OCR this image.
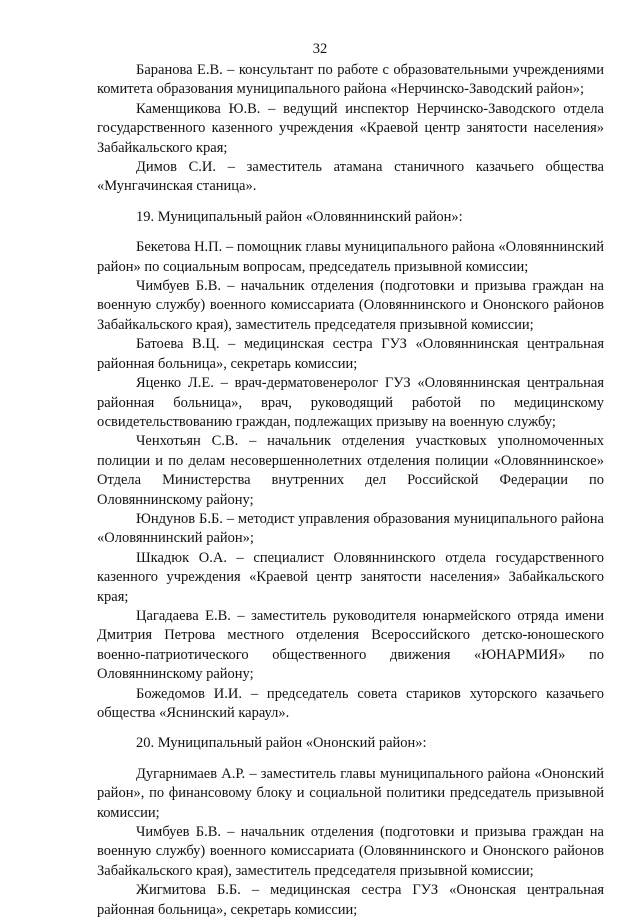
32

Баранова Е.В. – консультант по работе с образовательными учреждениями комитета образования муниципального района «Нерчинско-Заводский район»;

Каменщикова Ю.В. – ведущий инспектор Нерчинско-Заводского отдела государственного казенного учреждения «Краевой центр занятости населения» Забайкальского края;

Димов С.И. – заместитель атамана станичного казачьего общества «Мунгачинская станица».

19. Муниципальный район «Оловяннинский район»:

Бекетова Н.П. – помощник главы муниципального района «Оловяннинский район» по социальным вопросам, председатель призывной комиссии;

Чимбуев Б.В. – начальник отделения (подготовки и призыва граждан на военную службу) военного комиссариата (Оловяннинского и Ононского районов Забайкальского края), заместитель председателя призывной комиссии;

Батоева В.Ц. – медицинская сестра ГУЗ «Оловяннинская центральная районная больница», секретарь комиссии;

Яценко Л.Е. – врач-дерматовенеролог ГУЗ «Оловяннинская центральная районная больница», врач, руководящий работой по медицинскому освидетельствованию граждан, подлежащих призыву на военную службу;

Ченхотьян С.В. – начальник отделения участковых уполномоченных полиции и по делам несовершеннолетних отделения полиции «Оловяннинское» Отдела Министерства внутренних дел Российской Федерации по Оловяннинскому району;

Юндунов Б.Б. – методист управления образования муниципального района «Оловяннинский район»;

Шкадюк О.А. – специалист Оловяннинского отдела государственного казенного учреждения «Краевой центр занятости населения» Забайкальского края;

Цагадаева Е.В. – заместитель руководителя юнармейского отряда имени Дмитрия Петрова местного отделения Всероссийского детско-юношеского военно-патриотического общественного движения «ЮНАРМИЯ» по Оловяннинскому району;

Божедомов И.И. – председатель совета стариков хуторского казачьего общества «Яснинский караул».

20. Муниципальный район «Ононский район»:

Дугарнимаев А.Р. – заместитель главы муниципального района «Ононский район», по финансовому блоку и социальной политики председатель призывной комиссии;

Чимбуев Б.В. – начальник отделения (подготовки и призыва граждан на военную службу) военного комиссариата (Оловяннинского и Ононского районов Забайкальского края), заместитель председателя призывной комиссии;

Жигмитова Б.Б. – медицинская сестра ГУЗ «Ононская центральная районная больница», секретарь комиссии;
